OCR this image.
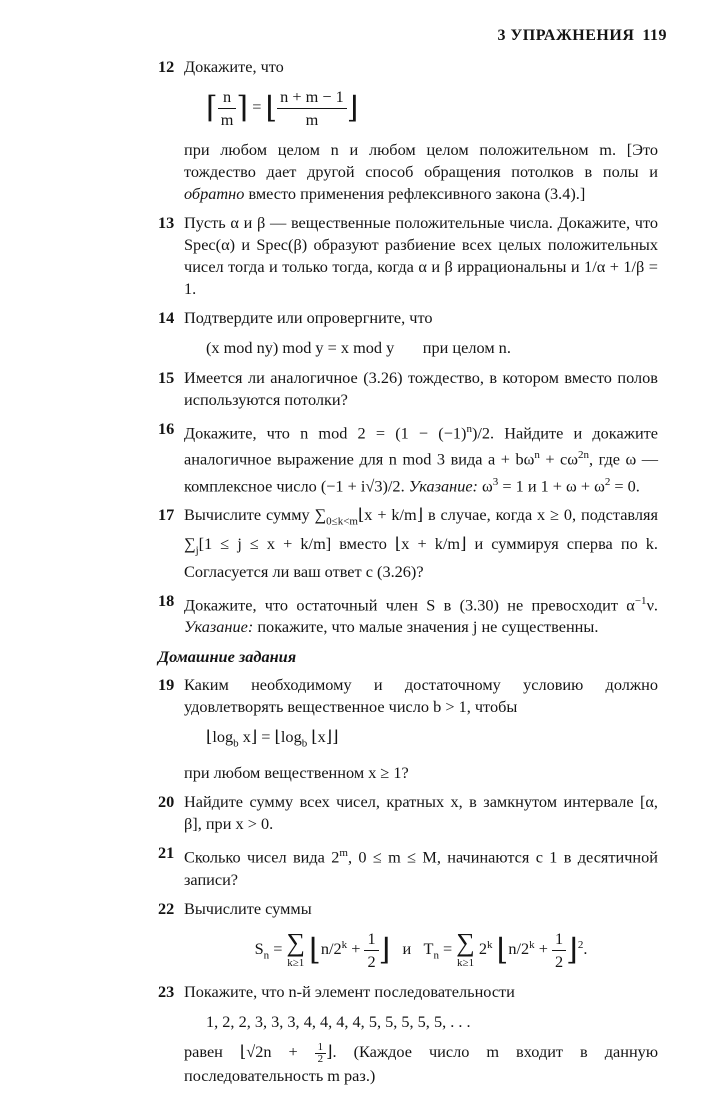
3 УПРАЖНЕНИЯ 119
12 Докажите, что
⌈ $\frac{n}{m}$ ⌉ = ⌊ $\frac{n + m - 1}{m}$ ⌋
при любом целом n и любом целом положительном m. [Это тождество дает другой способ обращения потолков в полы и обратно вместо применения рефлексивного закона (3.4).]
13 Пусть α и β — вещественные положительные числа. Докажите, что Spec(α) и Spec(β) образуют разбиение всех целых положительных чисел тогда и только тогда, когда α и β иррациональны и 1/α + 1/β = 1.
14 Подтвердите или опровергните, что
(x mod ny) mod y = x mod y при целом n.
15 Имеется ли аналогичное (3.26) тождество, в котором вместо полов используются потолки?
16 Докажите, что n mod $2 = (1 - (-1)^n)/2$. Найдите и докажите аналогичное выражение для n mod 3 вида $a + b\omega^n + c\omega^{2n}$, где ω — комплексное число (−1 + i√3)/2. Указание: $\omega^3 = 1$ и $1 + \omega + \omega^2 = 0$.
17 Вычислите сумму $\sum_{0\le k<m}⌊x$ + k/m⌋ в случае, когда x ≥ 0, подставляя $\sum_j[1 \le j \le x + k/m]$ вместо ⌊x + k/m⌋ и суммируя сперва по k. Согласуется ли ваш ответ с (3.26)?
18 Докажите, что остаточный член S в (3.30) не превосходит $\alpha^{-1}\nu$. Указание: покажите, что малые значения j не существенны.
Домашние задания
19 Каким необходимому и достаточному условию должно удовлетворять вещественное число b > 1, чтобы
$⌊\log_b$ x⌋ = $⌊\log_b$ ⌊x⌋⌋
при любом вещественном x ≥ 1?
20 Найдите сумму всех чисел, кратных x, в замкнутом интервале [α, β], при x > 0.
21 Сколько чисел вида 2$^m$, 0 ≤ m ≤ M, начинаются с 1 в десятичной записи?
22 Вычислите суммы
$S_n$ = ∑
k≥1 $⌊n/2^k + \frac{1}{2}$ ⌋ и $T_n$ = ∑
k≥1
2$^k$ $⌊n/2^k + \frac{1}{2}$ ⌋$^2$.
23 Покажите, что n-й элемент последовательности
1, 2, 2, 3, 3, 3, 4, 4, 4, 4, 5, 5, 5, 5, 5, . . .
равен ⌊√2n + $\frac{1}{2}$ ⌋. (Каждое число m входит в данную последовательность m раз.)
